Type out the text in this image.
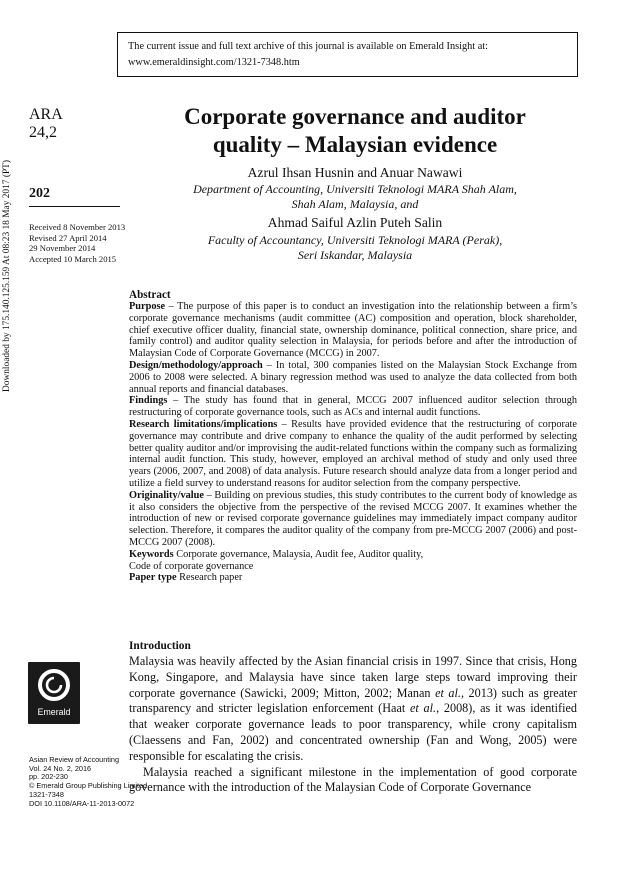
The current issue and full text archive of this journal is available on Emerald Insight at:
www.emeraldinsight.com/1321-7348.htm
Downloaded by 175.140.125.159 At 08:23 18 May 2017 (PT)
ARA
24,2
202
Received 8 November 2013
Revised 27 April 2014
29 November 2014
Accepted 10 March 2015
Corporate governance and auditor
quality – Malaysian evidence
Azrul Ihsan Husnin and Anuar Nawawi
Department of Accounting, Universiti Teknologi MARA Shah Alam,
Shah Alam, Malaysia, and
Ahmad Saiful Azlin Puteh Salin
Faculty of Accountancy, Universiti Teknologi MARA (Perak),
Seri Iskandar, Malaysia
Abstract

Purpose – The purpose of this paper is to conduct an investigation into the relationship between a firm’s corporate governance mechanisms (audit committee (AC) composition and operation, block shareholder, chief executive officer duality, financial state, ownership dominance, political connection, share price, and family control) and auditor quality selection in Malaysia, for periods before and after the introduction of Malaysian Code of Corporate Governance (MCCG) in 2007.

Design/methodology/approach – In total, 300 companies listed on the Malaysian Stock Exchange from 2006 to 2008 were selected. A binary regression method was used to analyze the data collected from both annual reports and financial databases.

Findings – The study has found that in general, MCCG 2007 influenced auditor selection through restructuring of corporate governance tools, such as ACs and internal audit functions.

Research limitations/implications – Results have provided evidence that the restructuring of corporate governance may contribute and drive company to enhance the quality of the audit performed by selecting better quality auditor and/or improvising the audit-related functions within the company such as formalizing internal audit function. This study, however, employed an archival method of study and only used three years (2006, 2007, and 2008) of data analysis. Future research should analyze data from a longer period and utilize a field survey to understand reasons for auditor selection from the company perspective.

Originality/value – Building on previous studies, this study contributes to the current body of knowledge as it also considers the objective from the perspective of the revised MCCG 2007. It examines whether the introduction of new or revised corporate governance guidelines may immediately impact company auditor selection. Therefore, it compares the auditor quality of the company from pre-MCCG 2007 (2006) and post-MCCG 2007 (2008).

Keywords Corporate governance, Malaysia, Audit fee, Auditor quality,

Code of corporate governance

Paper type Research paper

Introduction

Malaysia was heavily affected by the Asian financial crisis in 1997. Since that crisis, Hong Kong, Singapore, and Malaysia have since taken large steps toward improving their corporate governance (Sawicki, 2009; Mitton, 2002; Manan et al., 2013) such as greater transparency and stricter legislation enforcement (Haat et al., 2008), as it was identified that weaker corporate governance leads to poor transparency, while crony capitalism (Claessens and Fan, 2002) and concentrated ownership (Fan and Wong, 2005) were responsible for escalating the crisis.

Malaysia reached a significant milestone in the implementation of good corporate governance with the introduction of the Malaysian Code of Corporate Governance

Emerald
Asian Review of Accounting
Vol. 24 No. 2, 2016
pp. 202-230
© Emerald Group Publishing Limited
1321-7348
DOI 10.1108/ARA-11-2013-0072
